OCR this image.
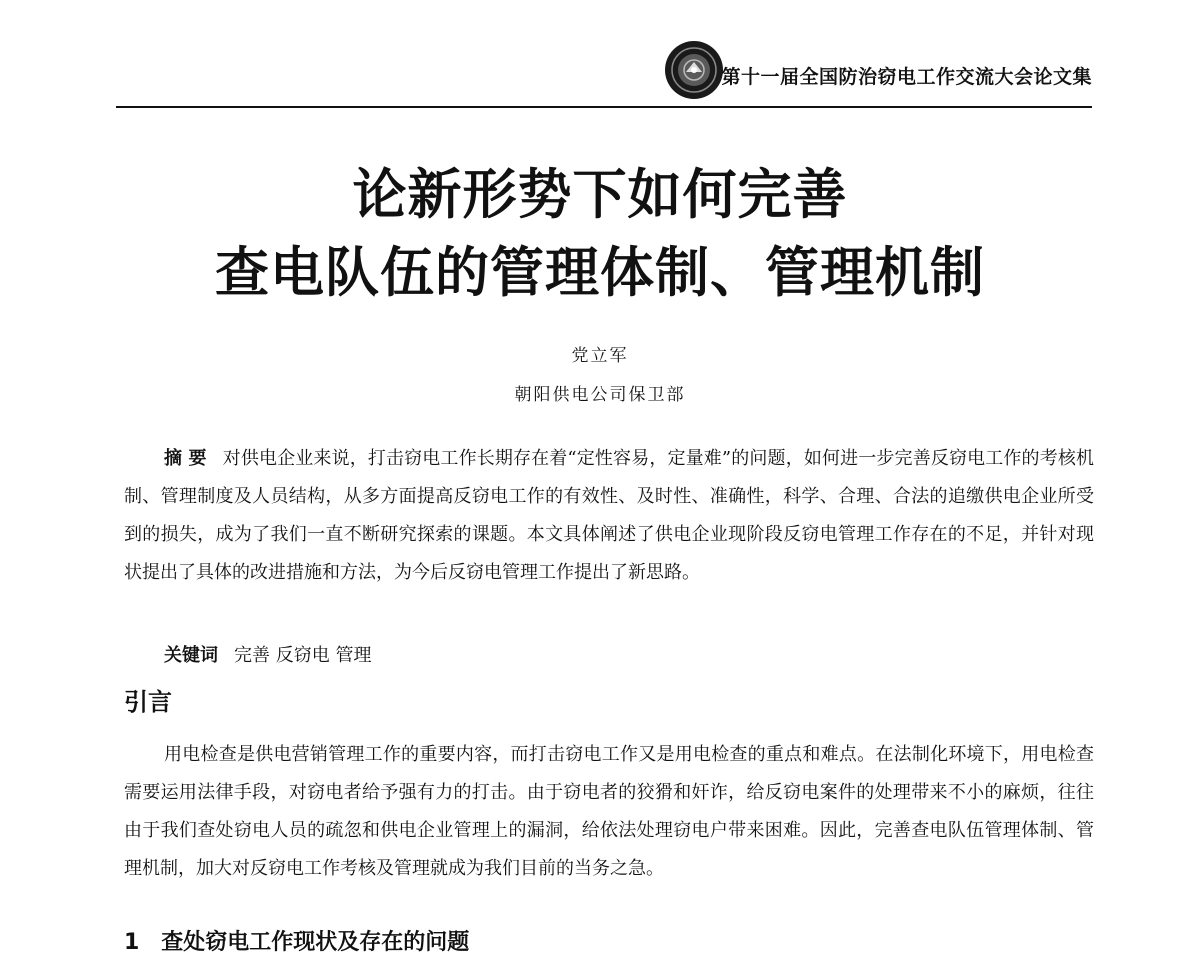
第十一届全国防治窃电工作交流大会论文集
论新形势下如何完善
查电队伍的管理体制、管理机制
党立军
朝阳供电公司保卫部

摘 要 对供电企业来说，打击窃电工作长期存在着“定性容易，定量难”的问题，如何进一步完善反窃电工作的考核机制、管理制度及人员结构，从多方面提高反窃电工作的有效性、及时性、准确性，科学、合理、合法的追缴供电企业所受到的损失，成为了我们一直不断研究探索的课题。本文具体阐述了供电企业现阶段反窃电管理工作存在的不足，并针对现状提出了具体的改进措施和方法，为今后反窃电管理工作提出了新思路。

关键词 完善 反窃电 管理

引言

用电检查是供电营销管理工作的重要内容，而打击窃电工作又是用电检查的重点和难点。在法制化环境下，用电检查需要运用法律手段，对窃电者给予强有力的打击。由于窃电者的狡猾和奸诈，给反窃电案件的处理带来不小的麻烦，往往由于我们查处窃电人员的疏忽和供电企业管理上的漏洞，给依法处理窃电户带来困难。因此，完善查电队伍管理体制、管理机制，加大对反窃电工作考核及管理就成为我们目前的当务之急。

1　查处窃电工作现状及存在的问题
